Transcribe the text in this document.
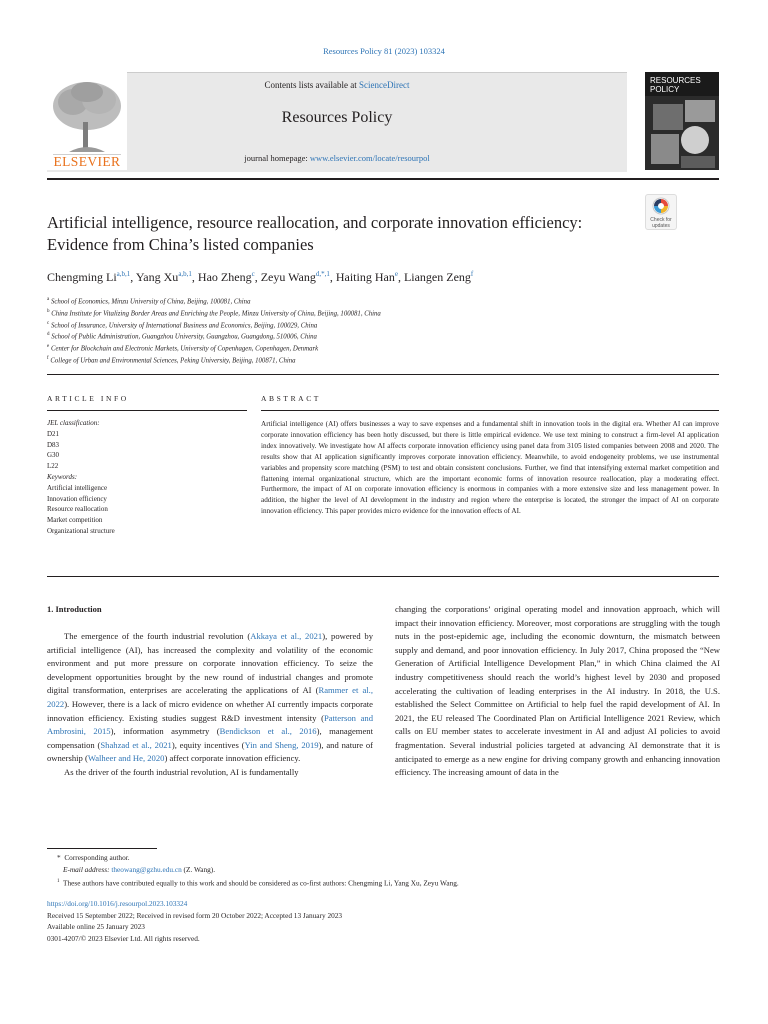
Resources Policy 81 (2023) 103324
Contents lists available at ScienceDirect
Resources Policy
journal homepage: www.elsevier.com/locate/resourpol
ELSEVIER
RESOURCES
POLICY
Artificial intelligence, resource reallocation, and corporate innovation efficiency: Evidence from China’s listed companies
Check for
updates
Chengming Li$^{a,b,1}$, Yang Xu$^{a,b,1}$, Hao Zheng$^c$, Zeyu Wang$^{d,*,1}$, Haiting Han$^e$, Liangen Zeng$^f$
$^a$ School of Economics, Minzu University of China, Beijing, 100081, China
$^b$ China Institute for Vitalizing Border Areas and Enriching the People, Minzu University of China, Beijing, 100081, China
$^c$ School of Insurance, University of International Business and Economics, Beijing, 100029, China
$^d$ School of Public Administration, Guangzhou University, Guangzhou, Guangdong, 510006, China
$^e$ Center for Blockchain and Electronic Markets, University of Copenhagen, Copenhagen, Denmark
$^f$ College of Urban and Environmental Sciences, Peking University, Beijing, 100871, China
ARTICLE INFO	ABSTRACT
JEL classification:
D21
D83
G30
L22
Keywords:
Artificial intelligence
Innovation efficiency
Resource reallocation
Market competition
Organizational structure
Artificial intelligence (AI) offers businesses a way to save expenses and a fundamental shift in innovation tools in the digital era. Whether AI can improve corporate innovation efficiency has been hotly discussed, but there is little empirical evidence. We use text mining to construct a firm-level AI application index innovatively. We investigate how AI affects corporate innovation efficiency using panel data from 3105 listed companies between 2008 and 2020. The results show that AI application significantly improves corporate innovation efficiency. Meanwhile, to avoid endogeneity problems, we use instrumental variables and propensity score matching (PSM) to test and obtain consistent conclusions. Further, we find that intensifying external market competition and flattening internal organizational structure, which are the important economic forms of innovation resource reallocation, play a moderating effect. Furthermore, the impact of AI on corporate innovation efficiency is enormous in companies with a more extensive size and less management power. In addition, the higher the level of AI development in the industry and region where the enterprise is located, the stronger the impact of AI on corporate innovation efficiency. This paper provides micro evidence for the innovation effects of AI.
1. Introduction

The emergence of the fourth industrial revolution (Akkaya et al., 2021), powered by artificial intelligence (AI), has increased the complexity and volatility of the economic environment and put more pressure on corporate innovation efficiency. To seize the development opportunities brought by the new round of industrial changes and promote digital transformation, enterprises are accelerating the applications of AI (Rammer et al., 2022). However, there is a lack of micro evidence on whether AI currently impacts corporate innovation efficiency. Existing studies suggest R&D investment intensity (Patterson and Ambrosini, 2015), information asymmetry (Bendickson et al., 2016), management compensation (Shahzad et al., 2021), equity incentives (Yin and Sheng, 2019), and nature of ownership (Walheer and He, 2020) affect corporate innovation efficiency.

As the driver of the fourth industrial revolution, AI is fundamentally

changing the corporations’ original operating model and innovation approach, which will impact their innovation efficiency. Moreover, most corporations are struggling with the tough nuts in the post-epidemic age, including the economic downturn, the mismatch between supply and demand, and poor innovation efficiency. In July 2017, China proposed the “New Generation of Artificial Intelligence Development Plan,” in which China claimed the AI industry competitiveness should reach the world’s highest level by 2030 and proposed accelerating the cultivation of leading enterprises in the AI industry. In 2018, the U.S. established the Select Committee on Artificial to help fuel the rapid development of AI. In 2021, the EU released The Coordinated Plan on Artificial Intelligence 2021 Review, which calls on EU member states to accelerate investment in AI and adjust AI policies to avoid fragmentation. Several industrial policies targeted at advancing AI demonstrate that it is anticipated to emerge as a new engine for driving company growth and enhancing innovation efficiency. The increasing amount of data in the
* Corresponding author.
E-mail address: theowang@gzhu.edu.cn (Z. Wang).
$^1$ These authors have contributed equally to this work and should be considered as co-first authors: Chengming Li, Yang Xu, Zeyu Wang.
https://doi.org/10.1016/j.resourpol.2023.103324
Received 15 September 2022; Received in revised form 20 October 2022; Accepted 13 January 2023
Available online 25 January 2023
0301-4207/© 2023 Elsevier Ltd. All rights reserved.
